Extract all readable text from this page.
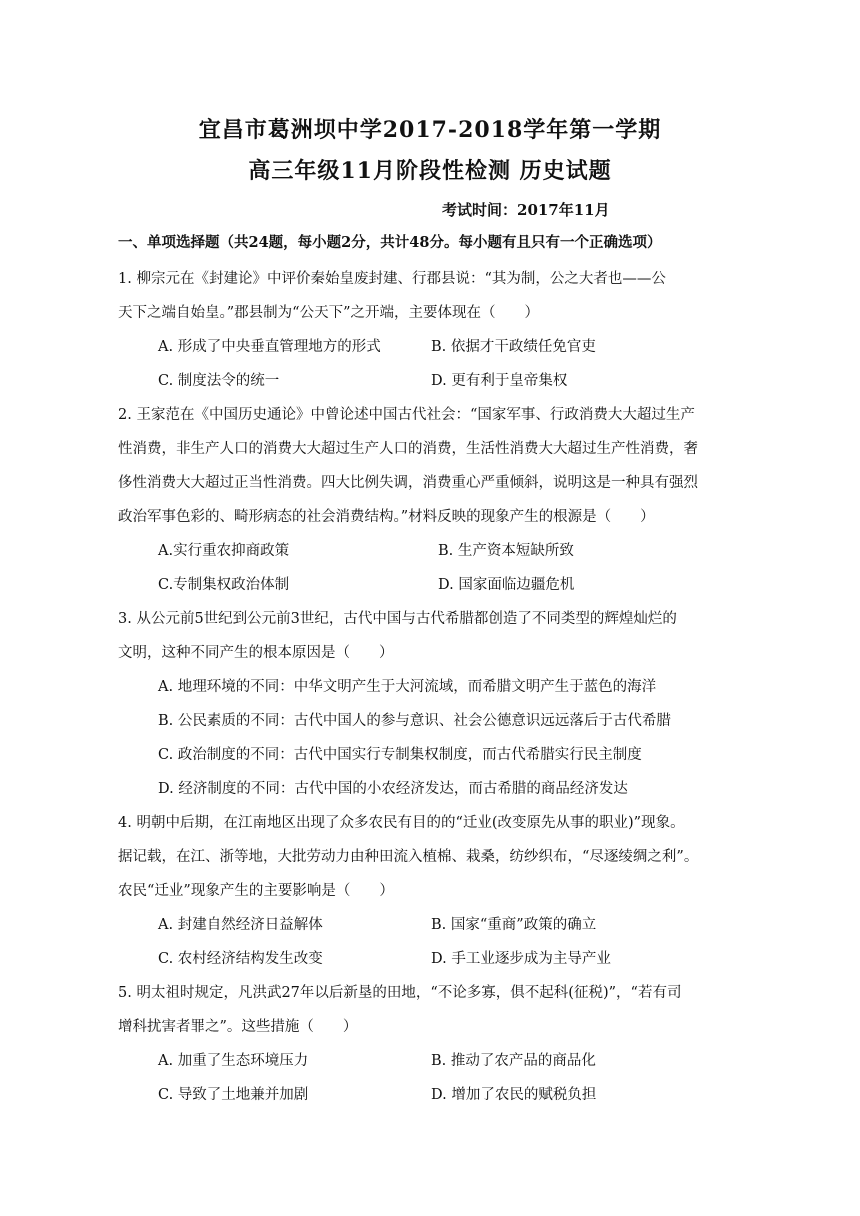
宜昌市葛洲坝中学2017-2018学年第一学期
高三年级11月阶段性检测 历史试题
考试时间：2017年11月
一、单项选择题（共24题，每小题2分，共计48分。每小题有且只有一个正确选项）
1. 柳宗元在《封建论》中评价秦始皇废封建、行郡县说：“其为制，公之大者也——公
天下之端自始皇。”郡县制为“公天下”之开端，主要体现在（　　）
A. 形成了中央垂直管理地方的形式	B. 依据才干政绩任免官吏
C. 制度法令的统一	D. 更有利于皇帝集权
2. 王家范在《中国历史通论》中曾论述中国古代社会：“国家军事、行政消费大大超过生产
性消费，非生产人口的消费大大超过生产人口的消费，生活性消费大大超过生产性消费，奢
侈性消费大大超过正当性消费。四大比例失调，消费重心严重倾斜，说明这是一种具有强烈
政治军事色彩的、畸形病态的社会消费结构。”材料反映的现象产生的根源是（　　）
A.实行重农抑商政策	B. 生产资本短缺所致
C.专制集权政治体制	D. 国家面临边疆危机
3. 从公元前5世纪到公元前3世纪，古代中国与古代希腊都创造了不同类型的辉煌灿烂的
文明，这种不同产生的根本原因是（　　）
A. 地理环境的不同：中华文明产生于大河流域，而希腊文明产生于蓝色的海洋
B. 公民素质的不同：古代中国人的参与意识、社会公德意识远远落后于古代希腊
C. 政治制度的不同：古代中国实行专制集权制度，而古代希腊实行民主制度
D. 经济制度的不同：古代中国的小农经济发达，而古希腊的商品经济发达
4. 明朝中后期，在江南地区出现了众多农民有目的的“迁业(改变原先从事的职业)”现象。
据记载，在江、浙等地，大批劳动力由种田流入植棉、栽桑，纺纱织布，“尽逐绫绸之利”。
农民“迁业”现象产生的主要影响是（　　）
A. 封建自然经济日益解体	B. 国家“重商”政策的确立
C. 农村经济结构发生改变	D. 手工业逐步成为主导产业
5. 明太祖时规定，凡洪武27年以后新垦的田地，“不论多寡，俱不起科(征税)”，“若有司
增科扰害者罪之”。这些措施（　　）
A. 加重了生态环境压力	B. 推动了农产品的商品化
C. 导致了土地兼并加剧	D. 增加了农民的赋税负担
